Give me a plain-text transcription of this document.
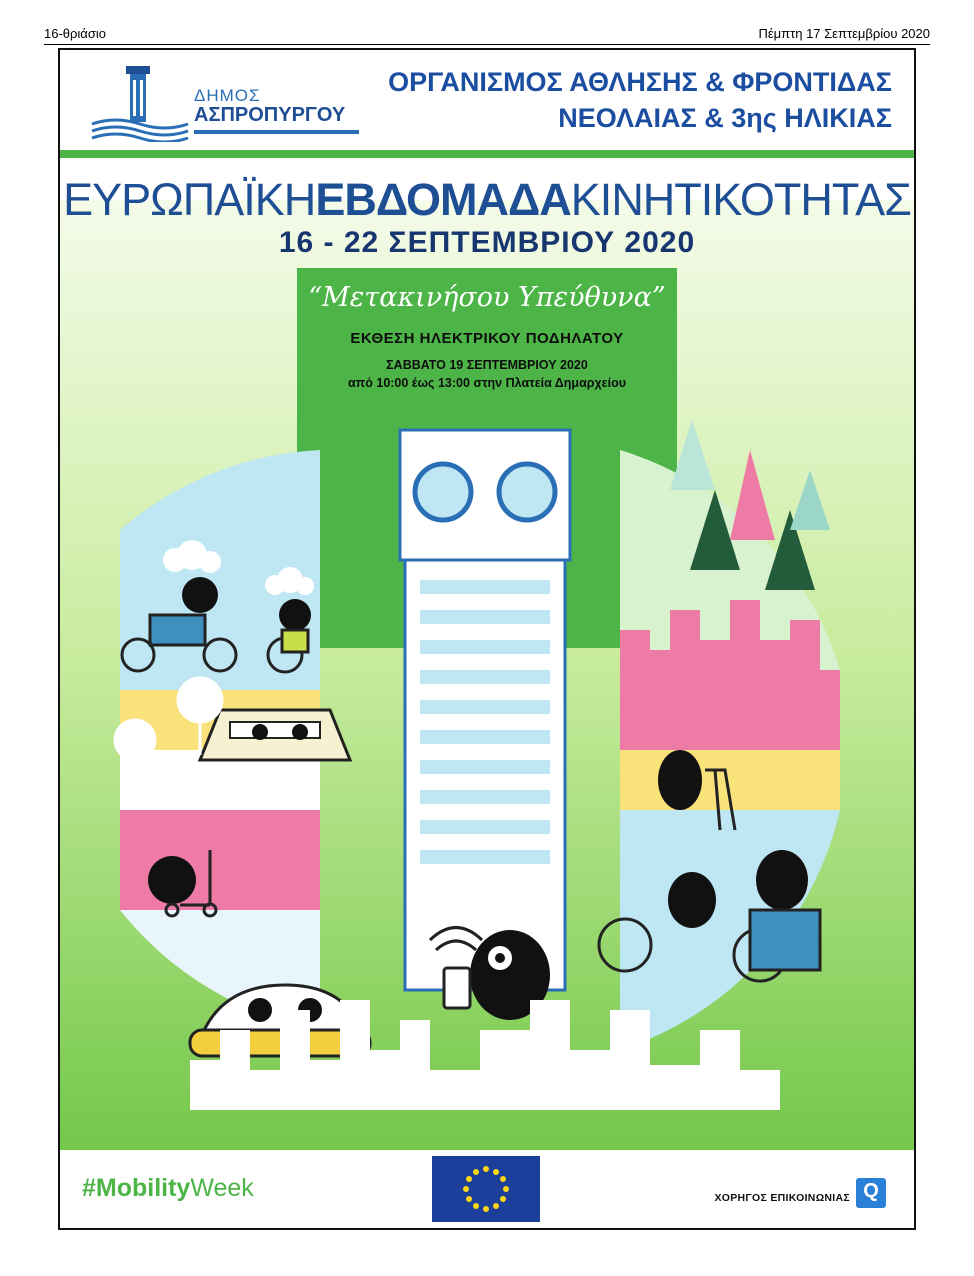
16-θριάσιο	Πέμπτη 17 Σεπτεμβρίου 2020
ΔΗΜΟΣ
ΑΣΠΡΟΠΥΡΓΟΥ
ΟΡΓΑΝΙΣΜΟΣ ΑΘΛΗΣΗΣ & ΦΡΟΝΤΙΔΑΣ
ΝΕΟΛΑΙΑΣ & 3ης ΗΛΙΚΙΑΣ
ΕΥΡΩΠΑΪΚΗΕΒΔΟΜΑΔΑΚΙΝΗΤΙΚΟΤΗΤΑΣ
16 - 22 ΣΕΠΤΕΜΒΡΙΟΥ 2020
“Μετακινήσου Υπεύθυνα”
ΕΚΘΕΣΗ ΗΛΕΚΤΡΙΚΟΥ ΠΟΔΗΛΑΤΟΥ
ΣΑΒΒΑΤΟ 19 ΣΕΠΤΕΜΒΡΙΟΥ 2020
από 10:00 έως 13:00 στην Πλατεία Δημαρχείου
#MobilityWeek	ΧΟΡΗΓΟΣ ΕΠΙΚΟΙΝΩΝΙΑΣ Q
